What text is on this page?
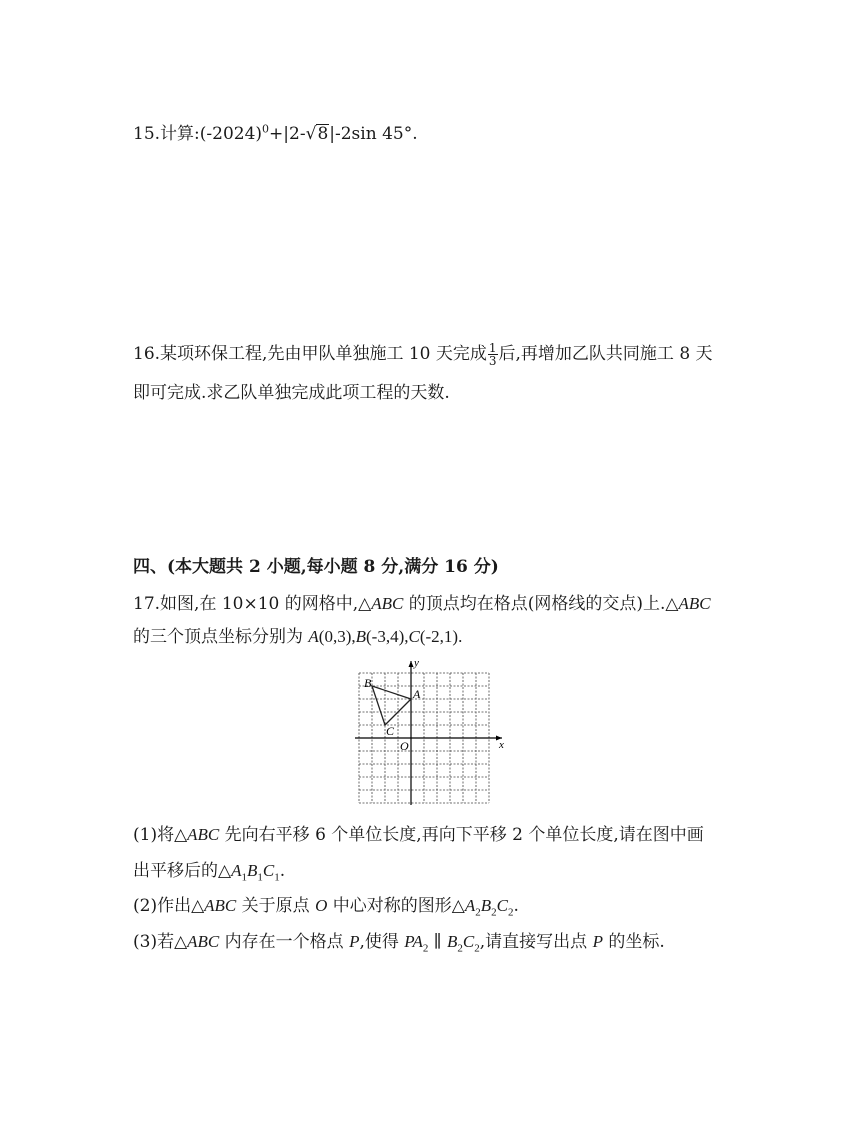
15.计算$:(-2024)^0+|2-√8|-2\sin$ 45°.
16.某项环保工程,先由甲队单独施工 10 天完成 $\frac{1}{3}$ 后,再增加乙队共同施工 8 天
即可完成.求乙队单独完成此项工程的天数.
四、(本大题共 2 小题,每小题 8 分,满分 16 分)
17.如图,在 10×10 的网格中,△ABC 的顶点均在格点(网格线的交点)上.△ABC
的三个顶点坐标分别为 A(0,3),B(-3,4),C(-2,1).
x
y
O
A
B
C
(1)将△ABC 先向右平移 6 个单位长度,再向下平移 2 个单位长度,请在图中画
出平移后的$\triangle A_1B_1C_1$.
(2)作出△ABC 关于原点 O 中心对称的图形$\triangle A_2B_2C_2$.
(3)若△ABC 内存在一个格点 P,使得 $PA_2$ ∥ $B_2C_2$,请直接写出点 P 的坐标.
